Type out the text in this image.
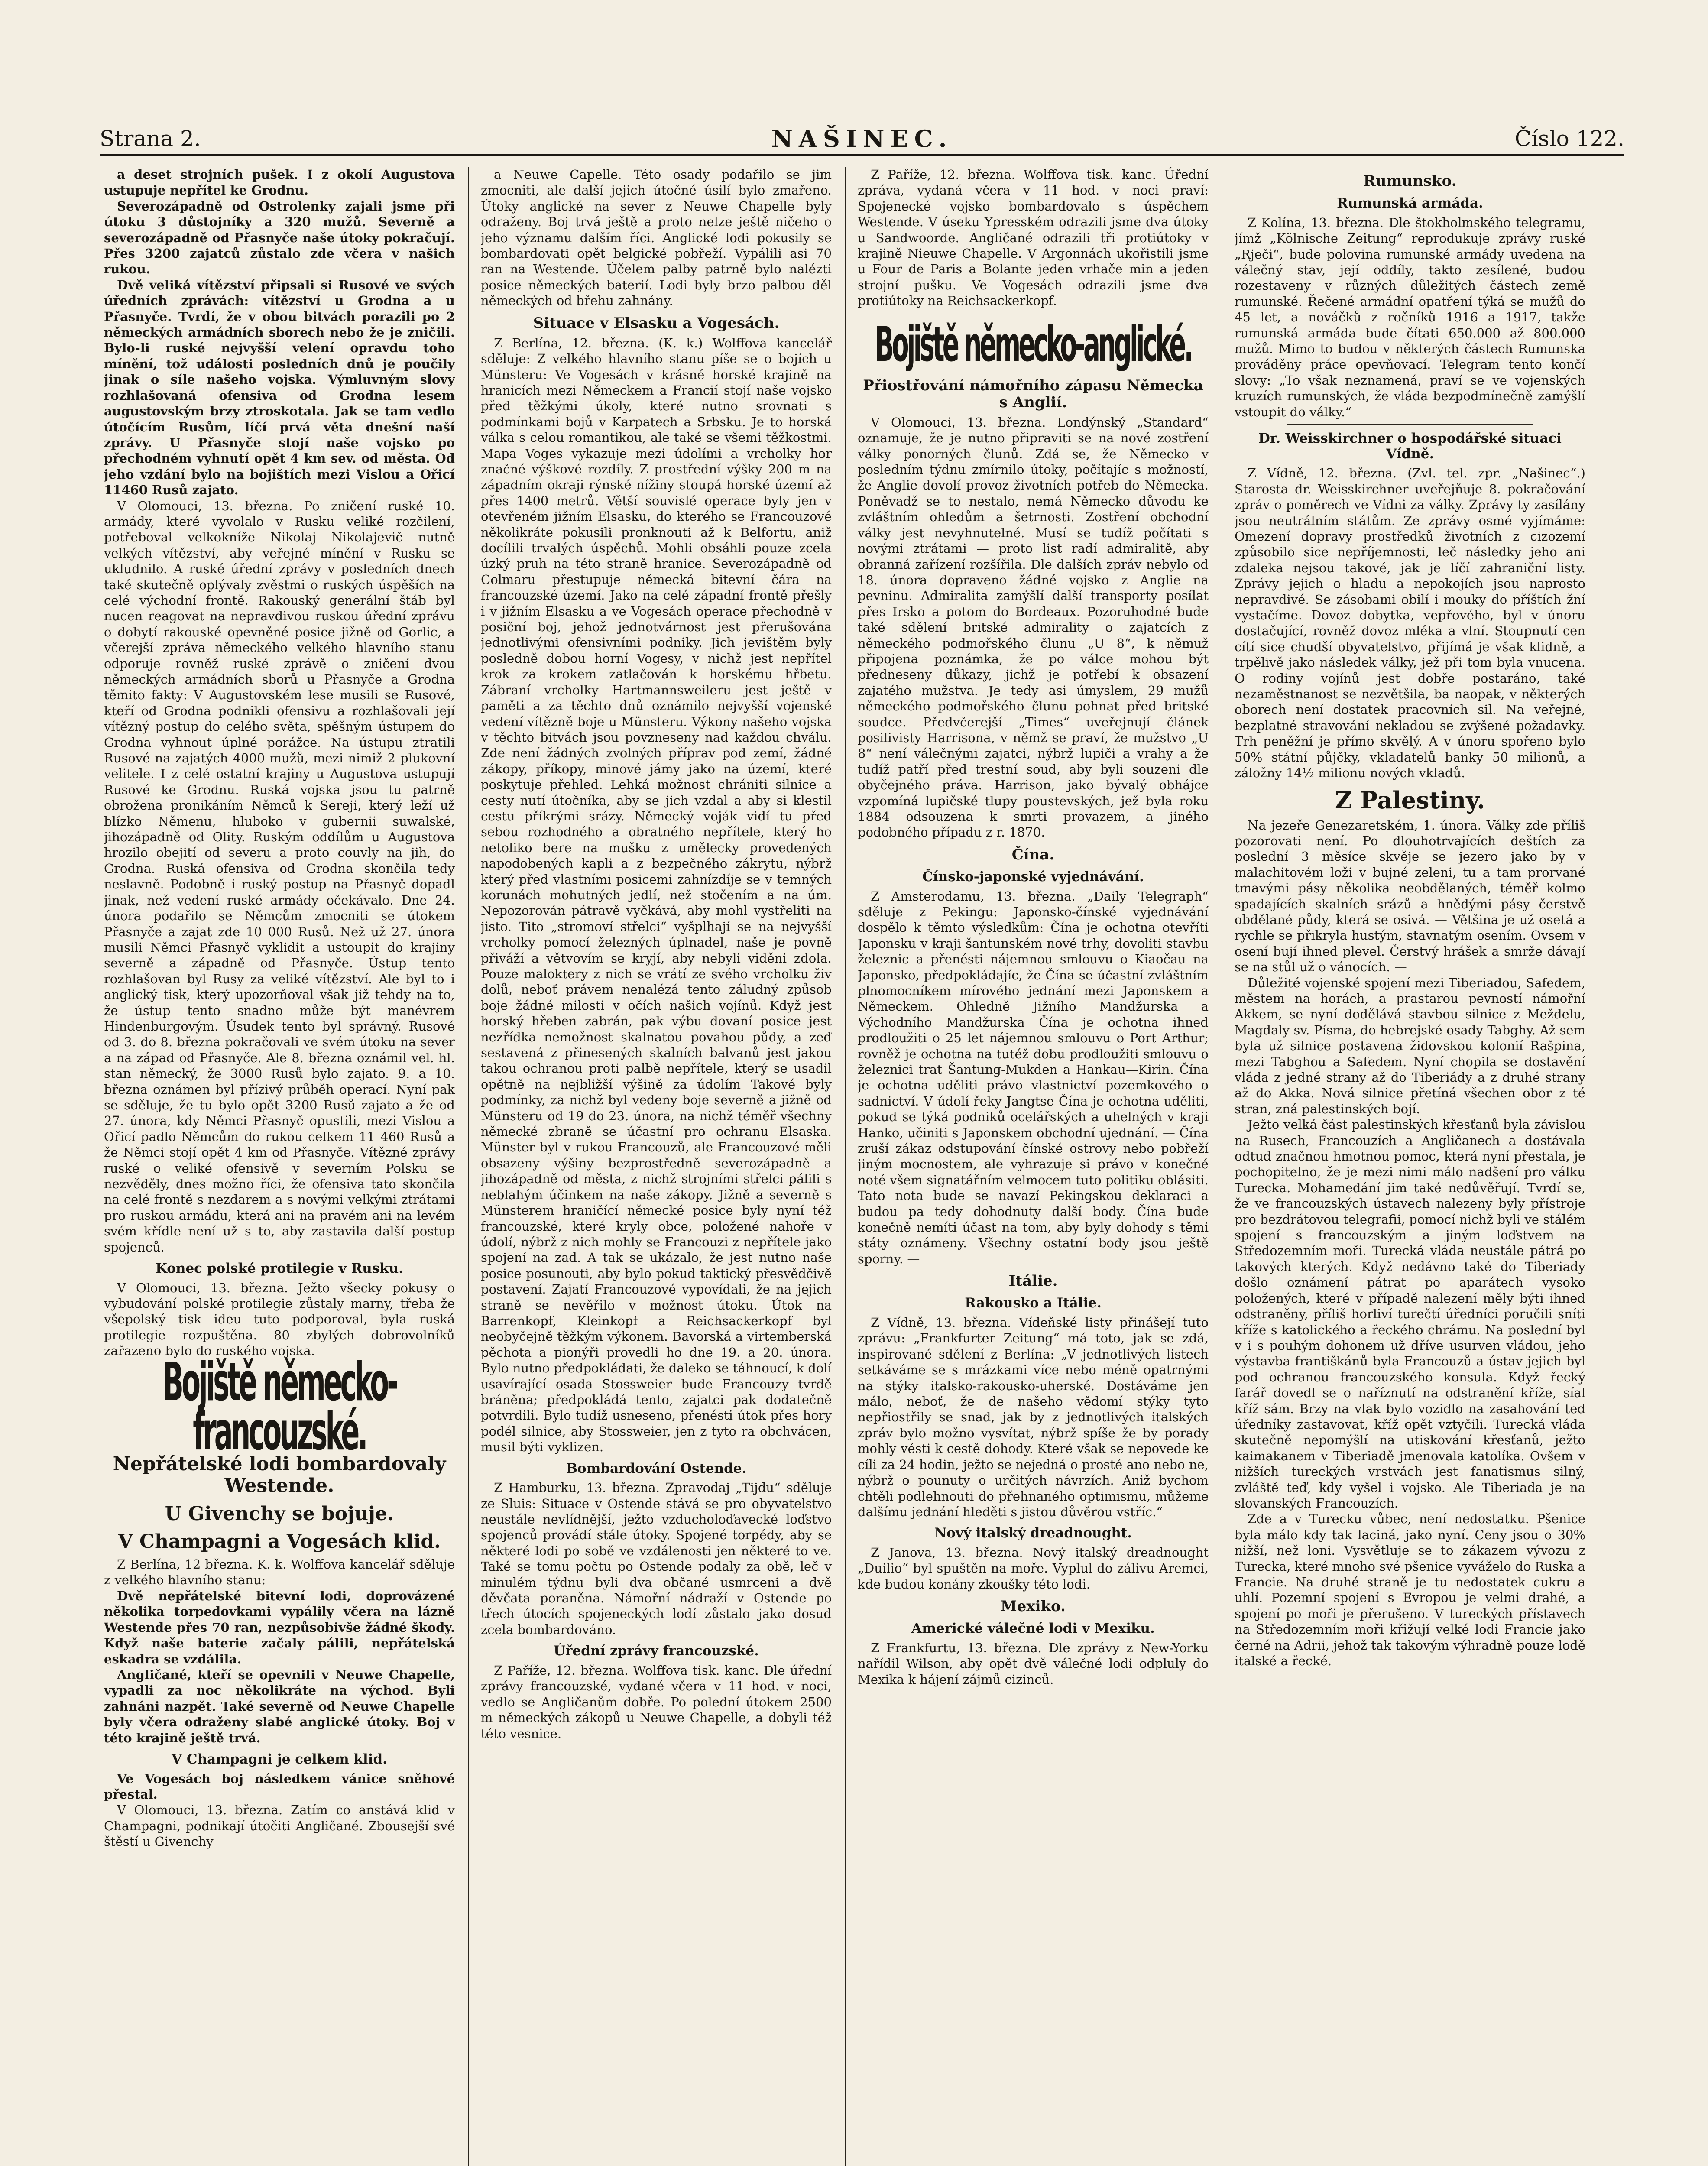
Strana 2.	NAŠINEC.	Číslo 122.

a deset strojních pušek. I z okolí Augustova ustupuje nepřítel ke Grodnu.

Severozápadně od Ostrolenky zajali jsme při útoku 3 důstojníky a 320 mužů. Severně a severozápadně od Přasnyče naše útoky pokračují. Přes 3200 zajatců zůstalo zde včera v našich rukou.

Dvě veliká vítězství připsali si Rusové ve svých úředních zprávách: vítězství u Grodna a u Přasnyče. Tvrdí, že v obou bitvách porazili po 2 německých armádních sborech nebo že je zničili. Bylo-li ruské nejvyšší velení opravdu toho mínění, tož události posledních dnů je poučily jinak o síle našeho vojska. Výmluvným slovy rozhlašovaná ofensiva od Grodna lesem augustovským brzy ztroskotala. Jak se tam vedlo útočícím Rusům, líčí prvá věta dnešní naší zprávy. U Přasnyče stojí naše vojsko po přechodném vyhnutí opět 4 km sev. od města. Od jeho vzdání bylo na bojištích mezi Vislou a Ořicí 11460 Rusů zajato.

V Olomouci, 13. března. Po zničení ruské 10. armády, které vyvolalo v Rusku veliké rozčilení, potřeboval velkokníže Nikolaj Nikolajevič nutně velkých vítězství, aby veřejné mínění v Rusku se ukludnilo. A ruské úřední zprávy v posledních dnech také skutečně oplývaly zvěstmi o ruských úspěších na celé východní frontě. Rakouský generální štáb byl nucen reagovat na nepravdivou ruskou úřední zprávu o dobytí rakouské opevněné posice jižně od Gorlic, a včerejší zpráva německého velkého hlavního stanu odporuje rovněž ruské zprávě o zničení dvou německých armádních sborů u Přasnyče a Grodna těmito fakty: V Augustovském lese musili se Rusové, kteří od Grodna podnikli ofensivu a rozhlašovali její vítězný postup do celého světa, spěšným ústupem do Grodna vyhnout úplné porážce. Na ústupu ztratili Rusové na zajatých 4000 mužů, mezi nimiž 2 plukovní velitele. I z celé ostatní krajiny u Augustova ustupují Rusové ke Grodnu. Ruská vojska jsou tu patrně obrožena pronikáním Němců k Sereji, který leží už blízko Němenu, hluboko v gubernii suwalské, jihozápadně od Olity. Ruským oddílům u Augustova hrozilo obejití od severu a proto couvly na jih, do Grodna. Ruská ofensiva od Grodna skončila tedy neslavně. Podobně i ruský postup na Přasnyč dopadl jinak, než vedení ruské armády očekávalo. Dne 24. února podařilo se Němcům zmocniti se útokem Přasnyče a zajat zde 10 000 Rusů. Než už 27. února musili Němci Přasnyč vyklidit a ustoupit do krajiny severně a západně od Přasnyče. Ústup tento rozhlašovan byl Rusy za veliké vítězství. Ale byl to i anglický tisk, který upozorňoval však již tehdy na to, že ústup tento snadno může být manévrem Hindenburgovým. Úsudek tento byl správný. Rusové od 3. do 8. března pokračovali ve svém útoku na sever a na západ od Přasnyče. Ale 8. března oznámil vel. hl. stan německý, že 3000 Rusů bylo zajato. 9. a 10. března oznámen byl přízivý průběh operací. Nyní pak se sděluje, že tu bylo opět 3200 Rusů zajato a že od 27. února, kdy Němci Přasnyč opustili, mezi Vislou a Ořicí padlo Němcům do rukou celkem 11 460 Rusů a že Němci stojí opět 4 km od Přasnyče. Vítězné zprávy ruské o veliké ofensivě v severním Polsku se nezvěděly, dnes možno říci, že ofensiva tato skončila na celé frontě s nezdarem a s novými velkými ztrátami pro ruskou armádu, která ani na pravém ani na levém svém křídle není už s to, aby zastavila další postup spojenců.

Konec polské protilegie v Rusku.

V Olomouci, 13. března. Ježto všecky pokusy o vybudování polské protilegie zůstaly marny, třeba že všepolský tisk ideu tuto podporoval, byla ruská protilegie rozpuštěna. 80 zbylých dobrovolníků zařazeno bylo do ruského vojska.

Bojiště německo-francouzské.
Nepřátelské lodi bombardovaly Westende.
U Givenchy se bojuje.
V Champagni a Vogesách klid.

Z Berlína, 12 března. K. k. Wolffova kancelář sděluje z velkého hlavního stanu:

Dvě nepřátelské bitevní lodi, doprovázené několika torpedovkami vypálily včera na lázně Westende přes 70 ran, nezpůsobivše žádné škody. Když naše baterie začaly pálili, nepřátelská eskadra se vzdálila.

Angličané, kteří se opevnili v Neuwe Chapelle, vypadli za noc několikráte na východ. Byli zahnáni nazpět. Také severně od Neuwe Chapelle byly včera odraženy slabé anglické útoky. Boj v této krajině ještě trvá.

V Champagni je celkem klid.

Ve Vogesách boj následkem vánice sněhové přestal.

V Olomouci, 13. března. Zatím co anstává klid v Champagni, podnikají útočiti Angličané. Zbousejší své štěstí u Givenchy

a Neuwe Capelle. Této osady podařilo se jim zmocniti, ale další jejich útočné úsilí bylo zmařeno. Útoky anglické na sever z Neuwe Chapelle byly odraženy. Boj trvá ještě a proto nelze ještě ničeho o jeho významu dalším říci. Anglické lodi pokusily se bombardovati opět belgické pobřeží. Vypálili asi 70 ran na Westende. Účelem palby patrně bylo nalézti posice německých baterií. Lodi byly brzo palbou děl německých od břehu zahnány.

Situace v Elsasku a Vogesách.

Z Berlína, 12. března. (K. k.) Wolffova kancelář sděluje: Z velkého hlavního stanu píše se o bojích u Münsteru: Ve Vogesách v krásné horské krajině na hranicích mezi Německem a Francií stojí naše vojsko před těžkými úkoly, které nutno srovnati s podmínkami bojů v Karpatech a Srbsku. Je to horská válka s celou romantikou, ale také se všemi těžkostmi. Mapa Voges vykazuje mezi údolími a vrcholky hor značné výškové rozdíly. Z prostřední výšky 200 m na západním okraji rýnské nížiny stoupá horské území až přes 1400 metrů. Větší souvislé operace byly jen v otevřeném jižním Elsasku, do kterého se Francouzové několikráte pokusili pronknouti až k Belfortu, aniž docílili trvalých úspěchů. Mohli obsáhli pouze zcela úzký pruh na této straně hranice. Severozápadně od Colmaru přestupuje německá bitevní čára na francouzské území. Jako na celé západní frontě přešly i v jižním Elsasku a ve Vogesách operace přechodně v posiční boj, jehož jednotvárnost jest přerušována jednotlivými ofensivními podniky. Jich jevištěm byly posledně dobou horní Vogesy, v nichž jest nepřítel krok za krokem zatlačován k horskému hřbetu. Zábraní vrcholky Hartmannsweileru jest ještě v paměti a za těchto dnů oznámilo nejvyšší vojenské vedení vítězně boje u Münsteru. Výkony našeho vojska v těchto bitvách jsou povzneseny nad každou chválu. Zde není žádných zvolných příprav pod zemí, žádné zákopy, příkopy, minové jámy jako na území, které poskytuje přehled. Lehká možnost chrániti silnice a cesty nutí útočníka, aby se jich vzdal a aby si klestil cestu příkrými srázy. Německý voják vidí tu před sebou rozhodného a obratného nepřítele, který ho netoliko bere na mušku z umělecky provedených napodobených kapli a z bezpečného zákrytu, nýbrž který před vlastními posicemi zahnízdíje se v temných korunách mohutných jedlí, než stočením a na úm. Nepozorován pátravě vyčkává, aby mohl vystřeliti na jisto. Tito „stromoví střelci“ vyšplhají se na nejvyšší vrcholky pomocí železných úplnadel, naše je povně přiváží a větvovím se kryjí, aby nebyli viděni zdola. Pouze maloktery z nich se vrátí ze svého vrcholku živ dolů, neboť právem nenalézá tento záludný způsob boje žádné milosti v očích našich vojínů. Když jest horský hřeben zabrán, pak výbu dovaní posice jest nezřídka nemožnost skalnatou povahou půdy, a zeď sestavená z přinesených skalních balvanů jest jakou takou ochranou proti palbě nepřítele, který se usadil opětně na nejbližší výšině za údolím Takové byly podmínky, za nichž byl vedeny boje severně a jižně od Münsteru od 19 do 23. února, na nichž téměř všechny německé zbraně se účastní pro ochranu Elsaska. Münster byl v rukou Francouzů, ale Francouzové měli obsazeny výšiny bezprostředně severozápadně a jihozápadně od města, z nichž strojními střelci pálili s neblahým účinkem na naše zákopy. Jižně a severně s Münsterem hraničící německé posice byly nyní též francouzské, které kryly obce, položené nahoře v údolí, nýbrž z nich mohly se Francouzi z nepřítele jako spojení na zad. A tak se ukázalo, že jest nutno naše posice posunouti, aby bylo pokud taktický přesvědčivě postavení. Zajatí Francouzové vypovídali, že na jejich straně se nevěřilo v možnost útoku. Útok na Barrenkopf, Kleinkopf a Reichsackerkopf byl neobyčejně těžkým výkonem. Bavorská a virtemberská pěchota a pionýři provedli ho dne 19. a 20. února. Bylo nutno předpokládati, že daleko se táhnoucí, k dolí usavírající osada Stosswеier bude Francouzy tvrdě bráněna; předpokládá tento, zajatci pak dodatečně potvrdili. Bylo tudíž usneseno, přenésti útok přes hory podél silnice, aby Stosswеier, jen z tyto ra obchvácen, musil býti vyklizen.

Bombardování Ostende.

Z Hamburku, 13. března. Zpravodaj „Tijdu“ sděluje ze Sluis: Situace v Ostende stává se pro obyvatelstvo neustále nevlídnější, ježto vzducholoďavecké loďstvo spojenců provádí stále útoky. Spojené torpédy, aby se některé lodi po sobě ve vzdálenosti jen některé to ve. Také se tomu počtu po Ostende podaly za obě, leč v minulém týdnu byli dva občané usmrceni a dvě děvčata poraněna. Námořní nádraží v Ostende po třech útocích spojeneckých lodí zůstalo jako dosud zcela bombardováno.

Úřední zprávy francouzské.

Z Paříže, 12. března. Wolffova tisk. kanc. Dle úřední zprávy francouzské, vydané včera v 11 hod. v noci, vedlo se Angličanům dobře. Po polední útokem 2500 m německých zákopů u Neuwe Chapelle, a dobyli též této vesnice.

Z Paříže, 12. března. Wolffova tisk. kanc. Úřední zpráva, vydaná včera v 11 hod. v noci praví: Spojenecké vojsko bombardovalo s úspěchem Westende. V úseku Ypresském odrazili jsme dva útoky u Sandwoorde. Angličané odrazili tři protiútoky v krajině Nieuwe Chapelle. V Argonnách ukořistili jsme u Four de Paris a Bolante jeden vrhače min a jeden strojní pušku. Ve Vogesách odrazili jsme dva protiútoky na Reichsackerkopf.

Bojiště německo-anglické.
Přiostřování námořního zápasu Německa s Anglií.

V Olomouci, 13. března. Londýnský „Standard“ oznamuje, že je nutno připraviti se na nové zostření války ponorných člunů. Zdá se, že Německo v posledním týdnu zmírnilo útoky, počítajíc s možností, že Anglie dovolí provoz životních potřeb do Německa. Poněvadž se to nestalo, nemá Německo důvodu ke zvláštním ohledům a šetrnosti. Zostření obchodní války jest nevyhnutelné. Musí se tudíž počítati s novými ztrátami — proto list radí admiralitě, aby obranná zařízení rozšířila. Dle dalších zpráv nebylo od 18. února dopraveno žádné vojsko z Anglie na pevninu. Admiralita zamýšlí další transporty posílat přes Irsko a potom do Bordeaux. Pozoruhodné bude také sdělení britské admirality o zajatcích z německého podmořského člunu „U 8“, k němuž připojena poznámka, že po válce mohou být předneseny důkazy, jichž je potřebí k obsazení zajatého mužstva. Je tedy asi úmyslem, 29 mužů německého podmořského člunu pohnat před britské soudce. Předvčerejší „Times“ uveřejnují článek posilivisty Harrisona, v němž se praví, že mužstvo „U 8“ není válečnými zajatci, nýbrž lupiči a vrahy a že tudíž patří před trestní soud, aby byli souzeni dle obyčejného práva. Harrison, jako bývalý obhájce vzpomíná lupičské tlupy poustevských, jež byla roku 1884 odsouzena k smrti provazem, a jiného podobného případu z r. 1870.

Čína.
Čínsko-japonské vyjednávání.

Z Amsterodamu, 13. března. „Daily Telegraph“ sděluje z Pekingu: Japonsko-čínské vyjednávání dospělo k těmto výsledkům: Čína je ochotna otevříti Japonsku v kraji šantunském nové trhy, dovoliti stavbu železnic a přenésti nájemnou smlouvu o Kiaočau na Japonsko, předpokládajíc, že Čína se účastní zvláštním plnomocníkem mírového jednání mezi Japonskem a Německem. Ohledně Jižního Mandžurska a Východního Mandžurska Čína je ochotna ihned prodloužiti o 25 let nájemnou smlouvu o Port Arthur; rovněž je ochotna na tutéž dobu prodloužiti smlouvu o železnici trat Šantung-Mukden a Hankau—Kirin. Čína je ochotna uděliti právo vlastnictví pozemkového o sadnictví. V údolí řeky Jangtse Čína je ochotna uděliti, pokud se týká podniků ocelářských a uhelných v kraji Hanko, učiniti s Japonskem obchodní ujednání. — Čína zruší zákaz odstupování čínské ostrovy nebo pobřeží jiným mocnostem, ale vyhrazuje si právo v konečné noté všem signatářním velmocem tuto politiku oblásiti. Tato nota bude se navazí Pekingskou deklaraci a budou pa tedy dohodnuty další body. Čína bude konečně nemíti účast na tom, aby byly dohody s těmi státy oznámeny. Všechny ostatní body jsou ještě sporny. —

Itálie.
Rakousko a Itálie.

Z Vídně, 13. března. Vídeňské listy přinášejí tuto zprávu: „Frankfurter Zeitung“ má toto, jak se zdá, inspirované sdělení z Berlína: „V jednotlivých listech setkáváme se s mrázkami více nebo méně opatrnými na stýky italsko-rakousko-uherské. Dostáváme jen málo, neboť, že de našeho vědomí stýky tyto nepřiostřily se snad, jak by z jednotlivých italských zpráv bylo možno vysvítat, nýbrž spíše že by porady mohly vésti k cestě dohody. Které však se nepovede ke cíli za 24 hodin, ježto se nejedná o prosté ano nebo ne, nýbrž o pounuty o určitých návrzích. Aniž bychom chtěli podlehnouti do přehnaného optimismu, můžeme dalšímu jednání hleděti s jistou důvěrou vstříc.“

Nový italský dreadnought.

Z Janova, 13. března. Nový italský dreadnought „Duilio“ byl spuštěn na moře. Vyplul do zálivu Aremci, kde budou konány zkoušky této lodi.

Mexiko.
Americké válečné lodi v Mexiku.

Z Frankfurtu, 13. března. Dle zprávy z New-Yorku nařídil Wilson, aby opět dvě válečné lodi odpluly do Mexika k hájení zájmů cizinců.

Rumunsko.
Rumunská armáda.

Z Kolína, 13. března. Dle štokholmského telegramu, jímž „Kölnische Zeitung“ reprodukuje zprávy ruské „Rječi“, bude polovina rumunské armády uvedena na válečný stav, její oddíly, takto zesílené, budou rozestaveny v různých důležitých částech země rumunské. Řečené armádní opatření týká se mužů do 45 let, a nováčků z ročníků 1916 a 1917, takže rumunská armáda bude čítati 650.000 až 800.000 mužů. Mimo to budou v některých částech Rumunska prováděny práce opevňovací. Telegram tento končí slovy: „To však neznamená, praví se ve vojenských kruzích rumunských, že vláda bezpodmínečně zamýšlí vstoupit do války.“

Dr. Weisskirchner o hospodářské situaci Vídně.

Z Vídně, 12. března. (Zvl. tel. zpr. „Našinec“.) Starosta dr. Weisskirchner uveřejňuje 8. pokračování zpráv o poměrech ve Vídni za války. Zprávy ty zasílány jsou neutrálním státům. Ze zprávy osmé vyjímáme: Omezení dopravy prostředků životních z cizozemí způsobilo sice nepříjemnosti, leč následky jeho ani zdaleka nejsou takové, jak je líčí zahraniční listy. Zprávy jejich o hladu a nepokojích jsou naprosto nepravdivé. Se zásobami obilí i mouky do příštích žní vystačíme. Dovoz dobytka, vepřového, byl v únoru dostačující, rovněž dovoz mléka a vlní. Stoupnutí cen cítí sice chudší obyvatelstvo, přijímá je však klidně, a trpělivě jako následek války, jež při tom byla vnucena. O rodiny vojínů jest dobře postaráno, také nezaměstnanost se nezvětšila, ba naopak, v některých oborech není dostatek pracovních sil. Na veřejné, bezplatné stravování nekladou se zvýšené požadavky. Trh peněžní je přímo skvělý. A v únoru spořeno bylo 50% státní půjčky, vkladatelů banky 50 milionů, a záložny 14½ milionu nových vkladů.

Z Palestiny.

Na jezeře Genezaretském, 1. února. Války zde příliš pozorovati není. Po dlouhotrvajících deštích za poslední 3 měsíce skvěje se jezero jako by v malachitovém loži v bujné zeleni, tu a tam prorvané tmavými pásy několika neobdělaných, téměř kolmo spadajících skalních srázů a hnědými pásy čerstvě obdělané půdy, která se osivá. — Většina je už osetá a rychle se přikryla hustým, stavnatým osením. Ovsem v osení bují ihned plevel. Čerstvý hrášek a smrže dávají se na stůl už o vánocích. —

Důležité vojenské spojení mezi Tiberiadou, Safedem, městem na horách, a prastarou pevností námořní Akkem, se nyní dodělává stavbou silnice z Meždelu, Magdaly sv. Písma, do hebrejské osady Tabghy. Až sem byla už silnice postavena židovskou kolonií Rašpina, mezi Tabghou a Safedem. Nyní chopila se dostavění vláda z jedné strany až do Tiberiády a z druhé strany až do Akka. Nová silnice přetíná všechen obor z té stran, zná palestinských bojí.

Ježto velká část palestinských křesťanů byla závislou na Rusech, Francouzích a Angličanech a dostávala odtud značnou hmotnou pomoc, která nyní přestala, je pochopitelno, že je mezi nimi málo nadšení pro válku Turecka. Mohamedání jim také nedůvěřují. Tvrdí se, že ve francouzských ústavech nalezeny byly přístroje pro bezdrátovou telegrafii, pomocí nichž byli ve stálém spojení s francouzským a jiným loďstvem na Středozemním moři. Turecká vláda neustále pátrá po takových kterých. Když nedávno také do Tiberiady došlo oznámení pátrat po aparátech vysoko položených, které v případě nalezení měly býti ihned odstraněny, příliš horliví turečtí úředníci poručili sníti kříže s katolického a řeckého chrámu. Na poslední byl v i s pouhým dohonem už dříve usurven vládou, jeho výstavba františkánů byla Francouzů a ústav jejich byl pod ochranou francouzského konsula. Když řecký farář dovedl se o naříznutí na odstranění kříže, síal kříž sám. Brzy na vlak bylo vozidlo na zasahování teď úředníky zastavovat, kříž opět vztyčili. Turecká vláda skutečně nepomýšlí na utiskování křesťanů, ježto kaimakanem v Tiberiadě jmenovala katolíka. Ovšem v nižších tureckých vrstvách jest fanatismus silný, zvláště teď, kdy vyšel i vojsko. Ale Tiberiada je na slovanských Francouzích.

Zde a v Turecku vůbec, není nedostatku. Pšenice byla málo kdy tak laciná, jako nyní. Ceny jsou o 30% nižší, než loni. Vysvětluje se to zákazem vývozu z Turecka, které mnoho své pšenice vyváželo do Ruska a Francie. Na druhé straně je tu nedostatek cukru a uhlí. Pozemní spojení s Evropou je velmi drahé, a spojení po moři je přerušeno. V tureckých přístavech na Středozemním moři křižují velké lodi Francie jako černé na Adrii, jehož tak takovým výhradně pouze lodě italské a řecké.
